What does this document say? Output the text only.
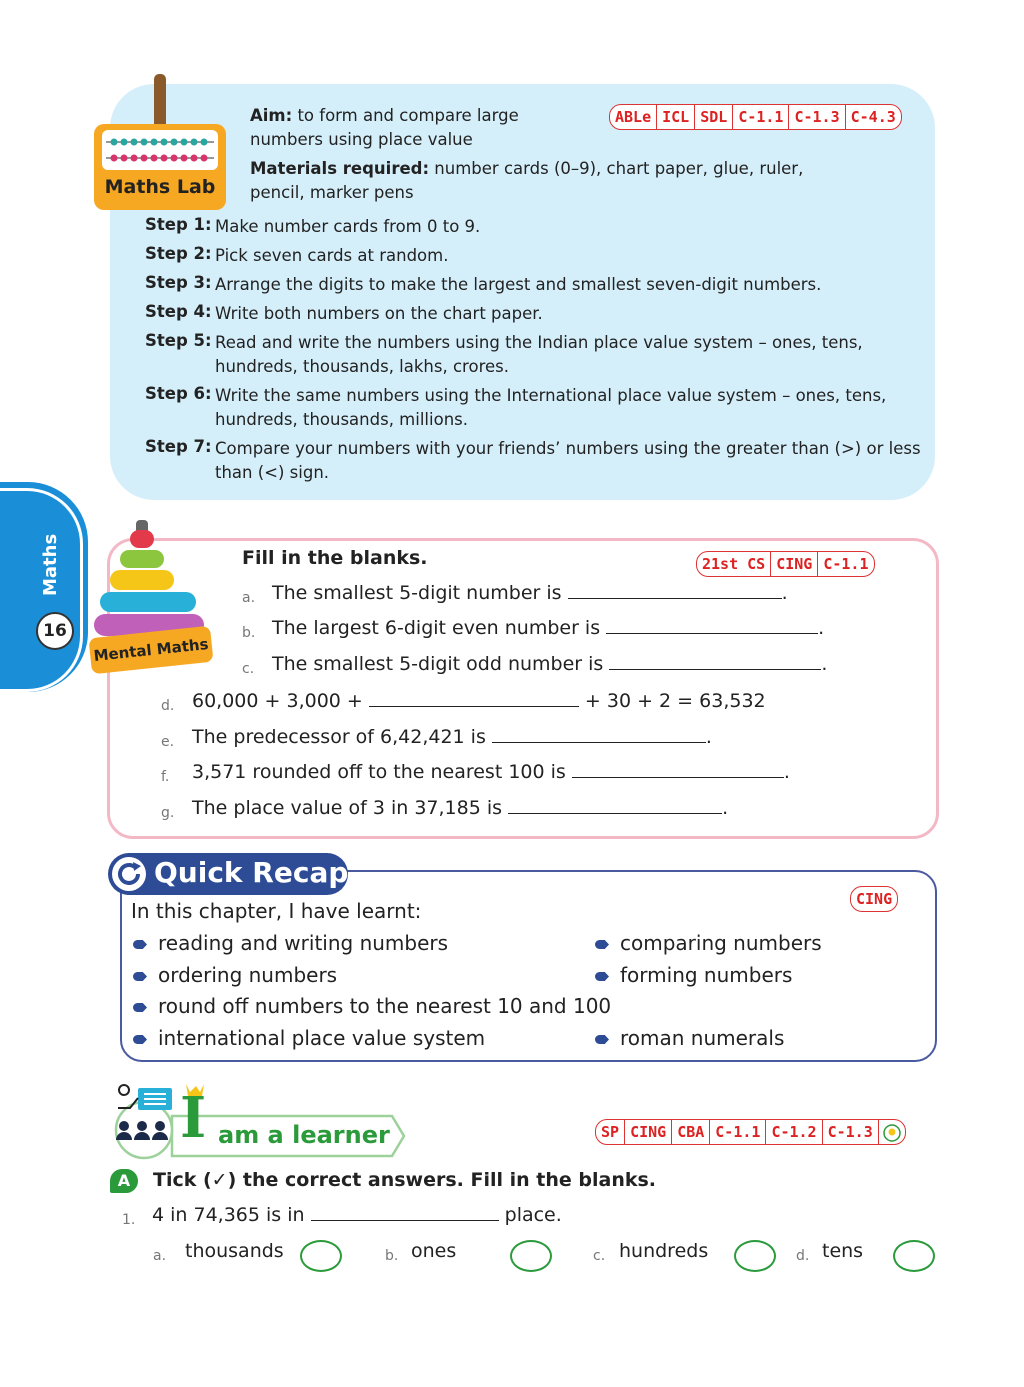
Maths Lab
Aim: to form and compare large
numbers using place value
Materials required: number cards (0–9), chart paper, glue, ruler,
pencil, marker pens
ABLe ICL SDL C-1.1 C-1.3 C-4.3
Step 1: Make number cards from 0 to 9.
Step 2: Pick seven cards at random.
Step 3: Arrange the digits to make the largest and smallest seven-digit numbers.
Step 4: Write both numbers on the chart paper.
Step 5: Read and write the numbers using the Indian place value system – ones, tens, hundreds, thousands, lakhs, crores.
Step 6: Write the same numbers using the International place value system – ones, tens, hundreds, thousands, millions.
Step 7: Compare your numbers with your friends’ numbers using the greater than (>) or less than (<) sign.
Maths
16
Mental Maths
Fill in the blanks.	21st CS CING C-1.1
a. The smallest 5-digit number is	.
b. The largest 6-digit even number is	.
c. The smallest 5-digit odd number is	.
d. 60,000 + 3,000 +	+ 30 + 2 = 63,532
e. The predecessor of 6,42,421 is	.
f. 3,571 rounded off to the nearest 100 is	.
g. The place value of 3 in 37,185 is	.
Quick Recap
CING
In this chapter, I have learnt:
reading and writing numbers	comparing numbers
ordering numbers	forming numbers
round off numbers to the nearest 10 and 100
international place value system	roman numerals
I am a learner	SP CING CBA C-1.1 C-1.2 C-1.3
A	Tick (✓) the correct answers. Fill in the blanks.
1. 4 in 74,365 is in	place.
a. thousands	b. ones	c. hundreds	d. tens
